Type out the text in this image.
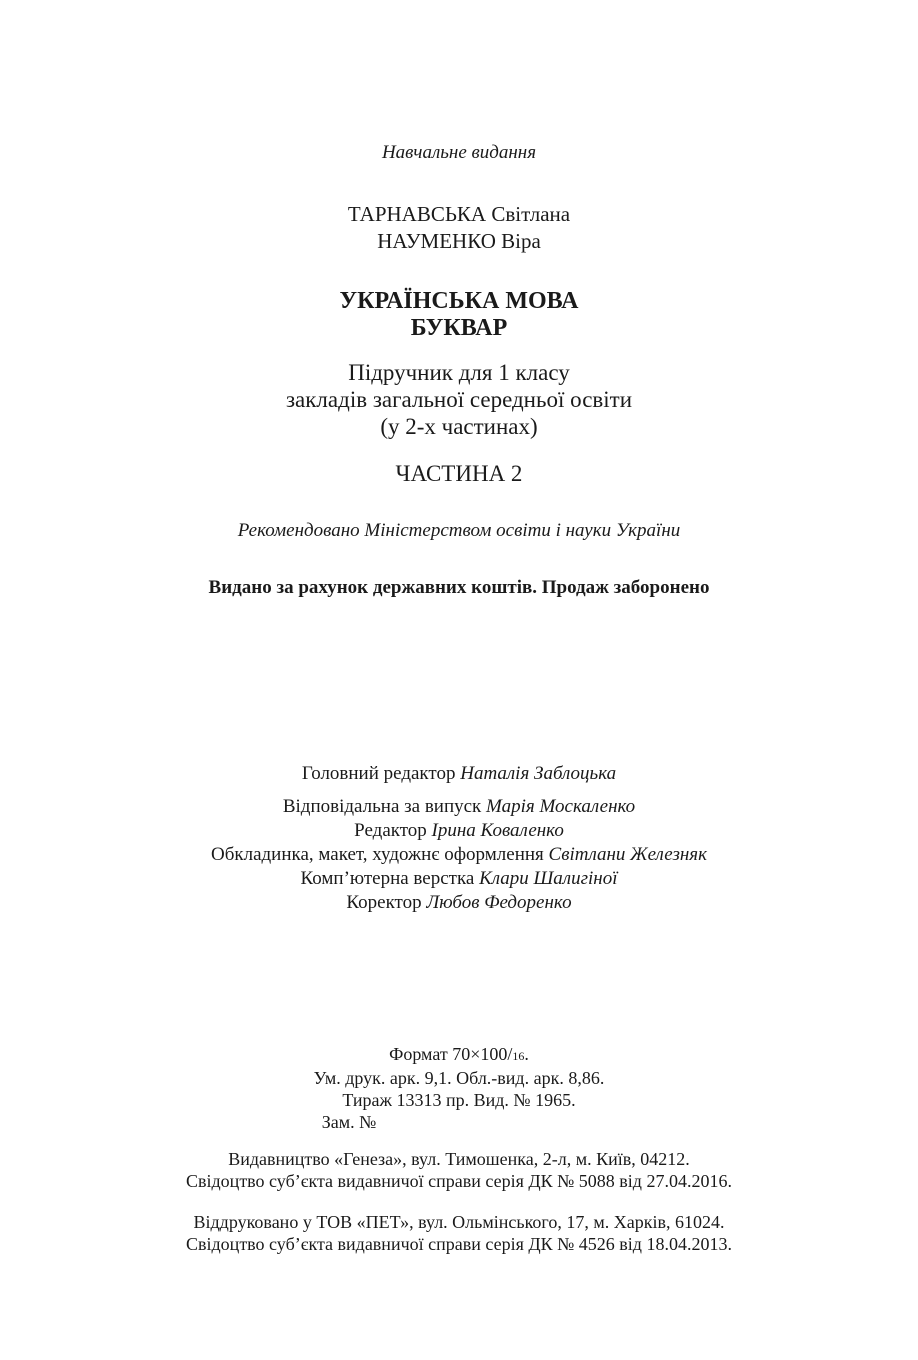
Навчальне видання
ТАРНАВСЬКА Світлана
НАУМЕНКО Віра
УКРАЇНСЬКА МОВА
БУКВАР
Підручник для 1 класу
закладів загальної середньої освіти
(у 2-х частинах)
ЧАСТИНА 2
Рекомендовано Міністерством освіти і науки України
Видано за рахунок державних коштів. Продаж заборонено
Головний редактор Наталія Заблоцька
Відповідальна за випуск Марія Москаленко
Редактор Ірина Коваленко
Обкладинка, макет, художнє оформлення Світлани Железняк
Комп’ютерна верстка Клари Шалигіної
Коректор Любов Федоренко
Формат 70×100/16.
Ум. друк. арк. 9,1. Обл.-вид. арк. 8,86.
Тираж 13313 пр. Вид. № 1965.
Зам. №
Видавництво «Генеза», вул. Тимошенка, 2-л, м. Київ, 04212.
Свідоцтво суб’єкта видавничої справи серія ДК № 5088 від 27.04.2016.
Віддруковано у ТОВ «ПЕТ», вул. Ольмінського, 17, м. Харків, 61024.
Свідоцтво суб’єкта видавничої справи серія ДК № 4526 від 18.04.2013.
